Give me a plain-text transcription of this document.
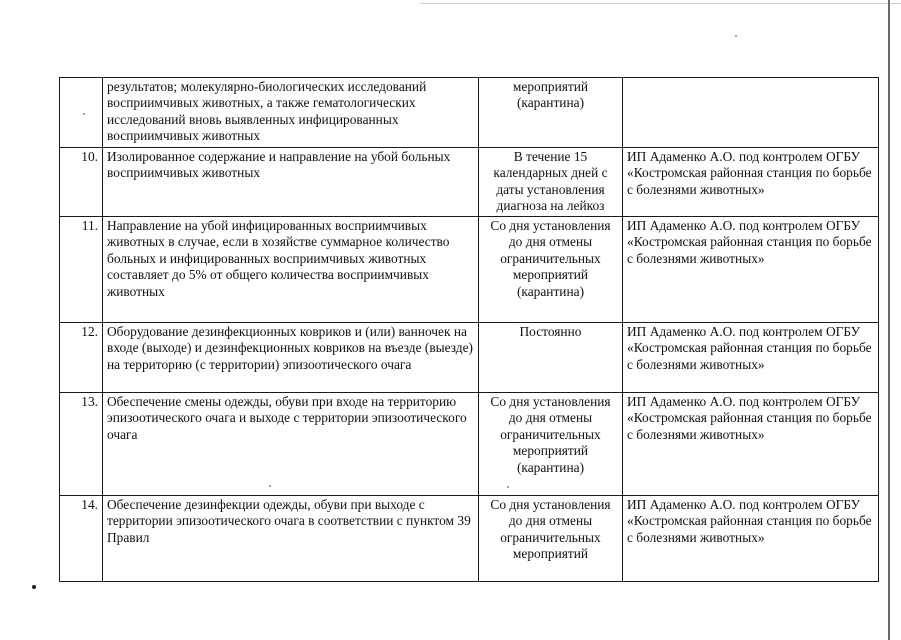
	результатов; молекулярно-биологических исследований восприимчивых животных, а также гематологических исследований вновь выявленных инфицированных восприимчивых животных	мероприятий (карантина)	
10.	Изолированное содержание и направление на убой больных восприимчивых животных	В течение 15 календарных дней с даты установления диагноза на лейкоз	ИП Адаменко А.О. под контролем ОГБУ «Костромская районная станция по борьбе с болезнями животных»
11.	Направление на убой инфицированных восприимчивых животных в случае, если в хозяйстве суммарное количество больных и инфицированных восприимчивых животных составляет до 5% от общего количества восприимчивых животных	Со дня установления до дня отмены ограничительных мероприятий (карантина)	ИП Адаменко А.О. под контролем ОГБУ «Костромская районная станция по борьбе с болезнями животных»
12.	Оборудование дезинфекционных ковриков и (или) ванночек на входе (выходе) и дезинфекционных ковриков на въезде (выезде) на территорию (с территории) эпизоотического очага	Постоянно	ИП Адаменко А.О. под контролем ОГБУ «Костромская районная станция по борьбе с болезнями животных»
13.	Обеспечение смены одежды, обуви при входе на территорию эпизоотического очага и выходе с территории эпизоотического очага	Со дня установления до дня отмены ограничительных мероприятий (карантина)	ИП Адаменко А.О. под контролем ОГБУ «Костромская районная станция по борьбе с болезнями животных»
14.	Обеспечение дезинфекции одежды, обуви при выходе с территории эпизоотического очага в соответствии с пунктом 39 Правил	Со дня установления до дня отмены ограничительных мероприятий	ИП Адаменко А.О. под контролем ОГБУ «Костромская районная станция по борьбе с болезнями животных»
